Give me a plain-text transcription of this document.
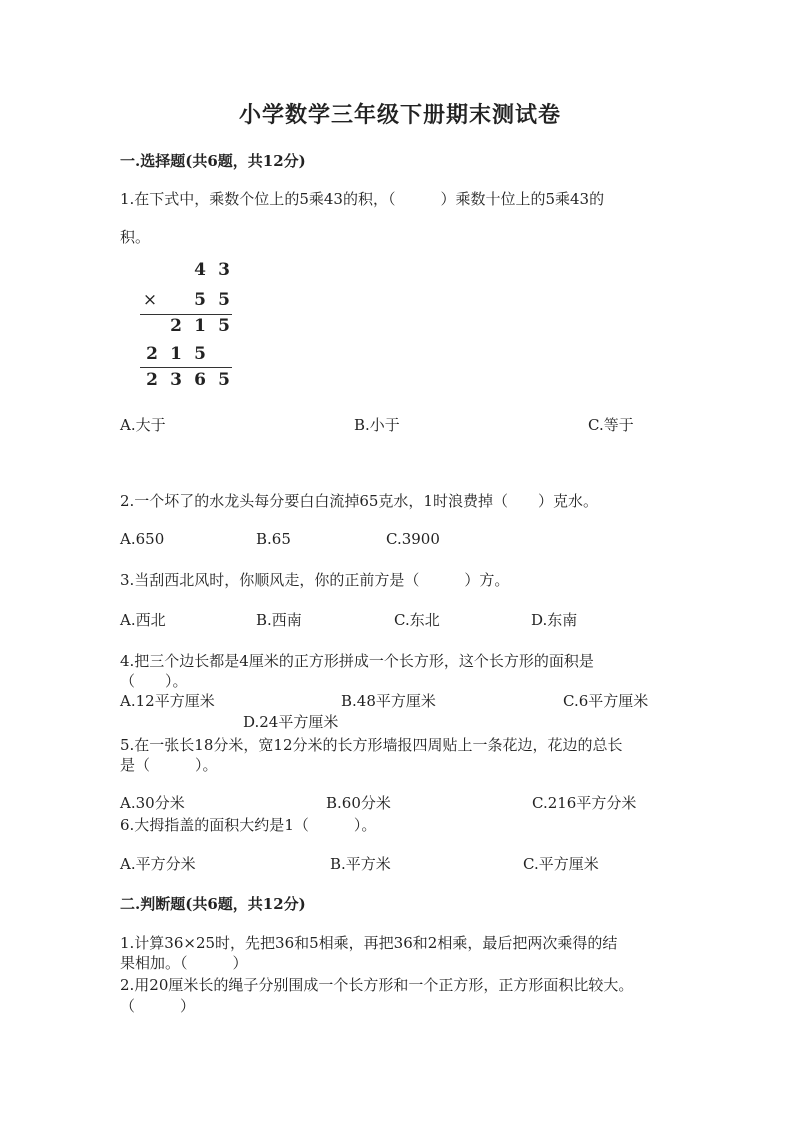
小学数学三年级下册期末测试卷
一.选择题(共6题，共12分)
1.在下式中，乘数个位上的5乘43的积，（　　　）乘数十位上的5乘43的
积。
4 3
× 5 5
2 1 5
2 1 5
2 3 6 5
A.大于	B.小于	C.等于
2.一个坏了的水龙头每分要白白流掉65克水，1时浪费掉（　　）克水。
A.650	B.65	C.3900
3.当刮西北风时，你顺风走，你的正前方是（　　　）方。
A.西北	B.西南	C.东北	D.东南
4.把三个边长都是4厘米的正方形拼成一个长方形，这个长方形的面积是
（　　）。
A.12平方厘米	B.48平方厘米	C.6平方厘米
D.24平方厘米
5.在一张长18分米，宽12分米的长方形墙报四周贴上一条花边，花边的总长
是（　　　）。
A.30分米	B.60分米	C.216平方分米
6.大拇指盖的面积大约是1（　　　）。
A.平方分米	B.平方米	C.平方厘米
二.判断题(共6题，共12分)
1.计算36×25时，先把36和5相乘，再把36和2相乘，最后把两次乘得的结
果相加。（　　　）
2.用20厘米长的绳子分别围成一个长方形和一个正方形，正方形面积比较大。
（　　　）
